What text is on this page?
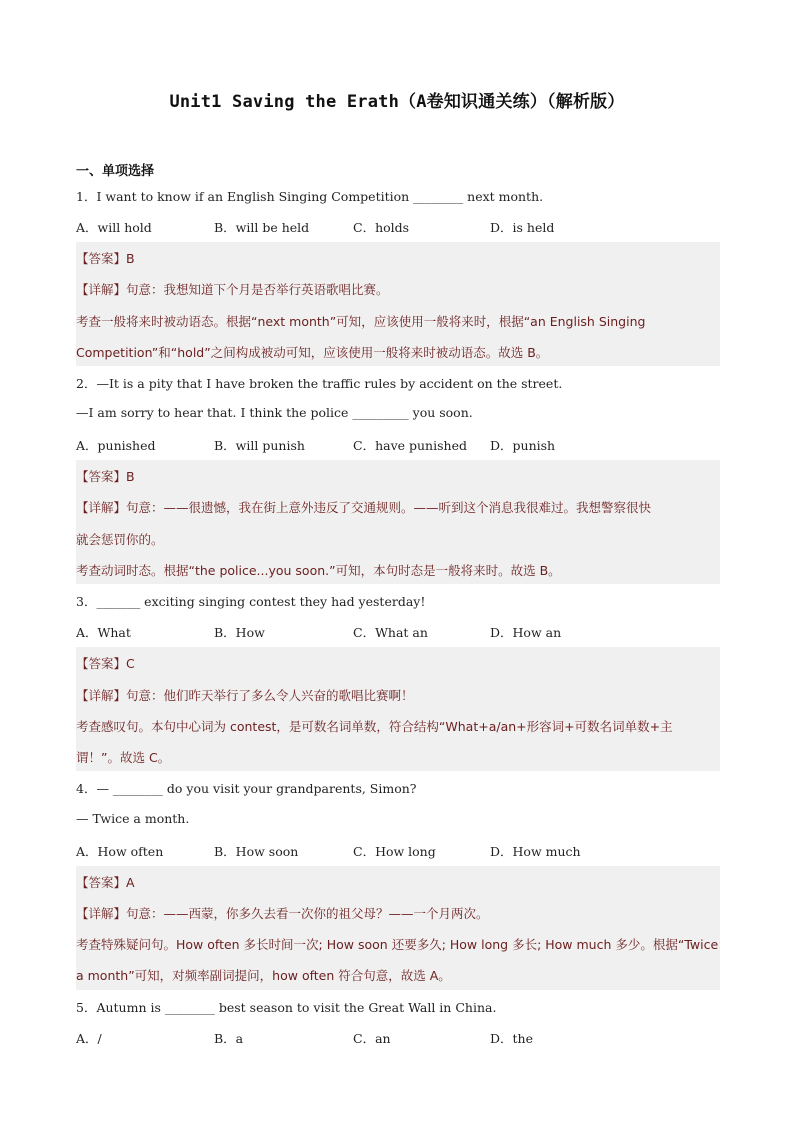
Unit1 Saving the Erath（A卷知识通关练）（解析版）
一、单项选择
1．I want to know if an English Singing Competition ________ next month.
A．will hold	B．will be held	C．holds	D．is held
【答案】B
【详解】句意：我想知道下个月是否举行英语歌唱比赛。
考查一般将来时被动语态。根据“next month”可知，应该使用一般将来时，根据“an English Singing
Competition”和“hold”之间构成被动可知，应该使用一般将来时被动语态。故选 B。
2．—It is a pity that I have broken the traffic rules by accident on the street.
—I am sorry to hear that. I think the police _________ you soon.
A．punished	B．will punish	C．have punished D．punish
【答案】B
【详解】句意：——很遗憾，我在街上意外违反了交通规则。——听到这个消息我很难过。我想警察很快
就会惩罚你的。
考查动词时态。根据“the police...you soon.”可知，本句时态是一般将来时。故选 B。
3．_______ exciting singing contest they had yesterday!
A．What	B．How	C．What an	D．How an
【答案】C
【详解】句意：他们昨天举行了多么令人兴奋的歌唱比赛啊！
考查感叹句。本句中心词为 contest，是可数名词单数，符合结构“What+a/an+形容词+可数名词单数+主
谓！”。故选 C。
4．— ________ do you visit your grandparents, Simon?
— Twice a month.
A．How often	B．How soon	C．How long	D．How much
【答案】A
【详解】句意：——西蒙，你多久去看一次你的祖父母？——一个月两次。
考查特殊疑问句。How often 多长时间一次; How soon 还要多久; How long 多长; How much 多少。根据“Twice
a month”可知，对频率副词提问，how often 符合句意，故选 A。
5．Autumn is ________ best season to visit the Great Wall in China.
A．/	B．a	C．an	D．the
